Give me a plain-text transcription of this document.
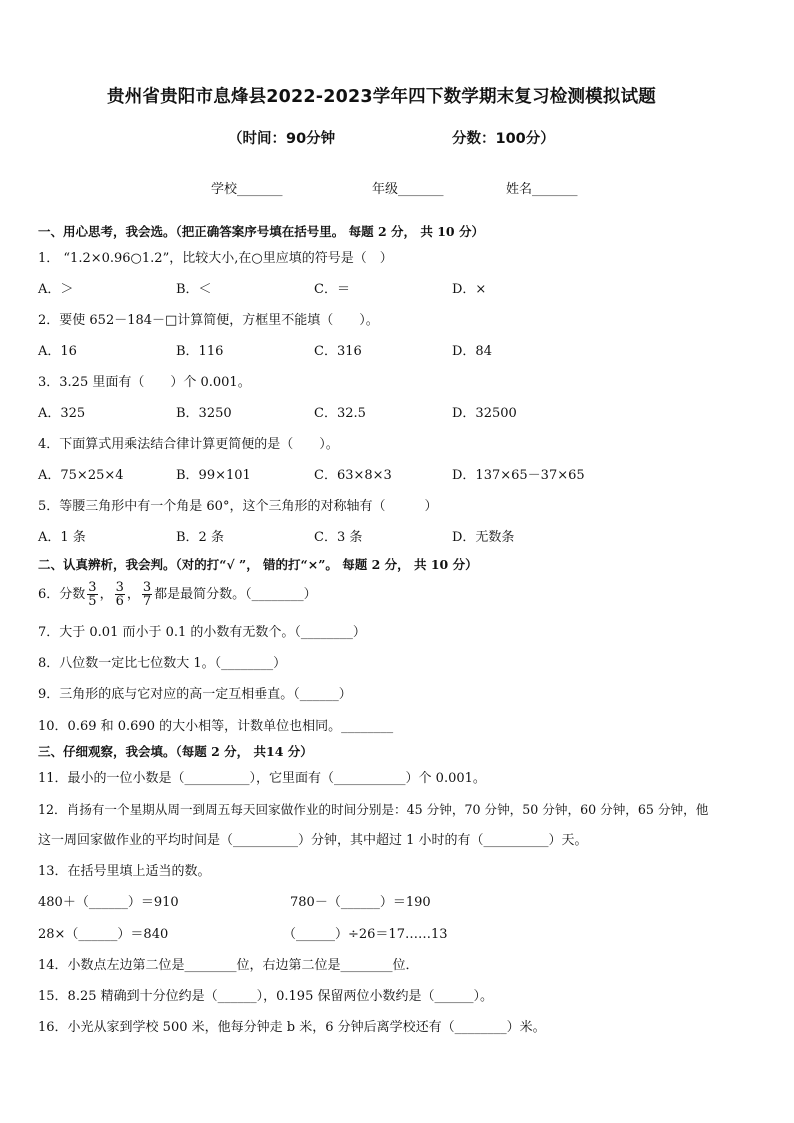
贵州省贵阳市息烽县2022-2023学年四下数学期末复习检测模拟试题
（时间：90分钟	分数：100分）
学校_______	年级_______	姓名_______
一、用心思考，我会选。（把正确答案序号填在括号里。 每题 2 分， 共 10 分）
1． “1.2×0.96○1.2”，比较大小,在○里应填的符号是（　）
A．＞	B．＜	C．＝	D．×
2．要使 652－184－□计算简便，方框里不能填（　　）。
A．16	B．116	C．316	D．84
3．3.25 里面有（　　）个 0.001。
A．325	B．3250	C．32.5	D．32500
4．下面算式用乘法结合律计算更简便的是（　　）。
A．75×25×4	B．99×101	C．63×8×3	D．137×65－37×65
5．等腰三角形中有一个角是 60°，这个三角形的对称轴有（　　　）
A．1 条	B．2 条	C．3 条	D．无数条
二、认真辨析，我会判。（对的打“√ ”， 错的打“×”。 每题 2 分， 共 10 分）
6．分数 $\frac{3}{5}$ ， $\frac{3}{6}$ ， $\frac{3}{7}$ 都是最简分数。（________）
7．大于 0.01 而小于 0.1 的小数有无数个。（________）
8．八位数一定比七位数大 1。（________）
9．三角形的底与它对应的高一定互相垂直。（______）
10．0.69 和 0.690 的大小相等，计数单位也相同。________
三、仔细观察，我会填。（每题 2 分， 共14 分）
11．最小的一位小数是（__________），它里面有（___________）个 0.001。
12．肖扬有一个星期从周一到周五每天回家做作业的时间分别是：45 分钟，70 分钟，50 分钟，60 分钟，65 分钟，他
这一周回家做作业的平均时间是（__________）分钟，其中超过 1 小时的有（__________）天。
13．在括号里填上适当的数。
480＋（______）＝910	780－（______）＝190
28×（______）＝840	（______）÷26＝17……13
14．小数点左边第二位是________位，右边第二位是________位．
15．8.25 精确到十分位约是（______），0.195 保留两位小数约是（______）。
16．小光从家到学校 500 米，他每分钟走 b 米，6 分钟后离学校还有（________）米。
